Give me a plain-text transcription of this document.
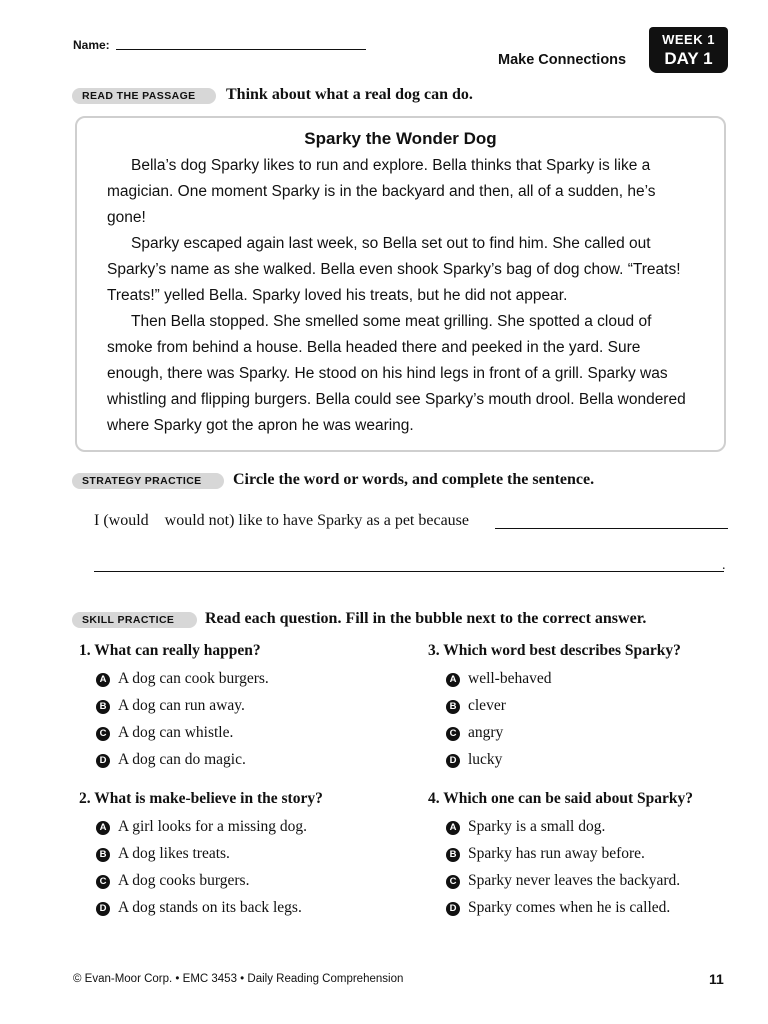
Name:
Make Connections
WEEK 1
DAY 1
READ THE PASSAGE	Think about what a real dog can do.
Sparky the Wonder Dog

Bella’s dog Sparky likes to run and explore. Bella thinks that Sparky is like a magician. One moment Sparky is in the backyard and then, all of a sudden, he’s gone!

Sparky escaped again last week, so Bella set out to find him. She called out Sparky’s name as she walked. Bella even shook Sparky’s bag of dog chow. “Treats! Treats!” yelled Bella. Sparky loved his treats, but he did not appear.

Then Bella stopped. She smelled some meat grilling. She spotted a cloud of smoke from behind a house. Bella headed there and peeked in the yard. Sure enough, there was Sparky. He stood on his hind legs in front of a grill. Sparky was whistling and flipping burgers. Bella could see Sparky’s mouth drool. Bella wondered where Sparky got the apron he was wearing.

STRATEGY PRACTICE	Circle the word or words, and complete the sentence.
I (would would not) like to have Sparky as a pet because
.
SKILL PRACTICE	Read each question. Fill in the bubble next to the correct answer.
1. What can really happen?
A A dog can cook burgers.
B A dog can run away.
C A dog can whistle.
D A dog can do magic.
2. What is make-believe in the story?
A A girl looks for a missing dog.
B A dog likes treats.
C A dog cooks burgers.
D A dog stands on its back legs.
3. Which word best describes Sparky?
A well-behaved
B clever
C angry
D lucky
4. Which one can be said about Sparky?
A Sparky is a small dog.
B Sparky has run away before.
C Sparky never leaves the backyard.
D Sparky comes when he is called.
© Evan-Moor Corp. • EMC 3453 • Daily Reading Comprehension	11
